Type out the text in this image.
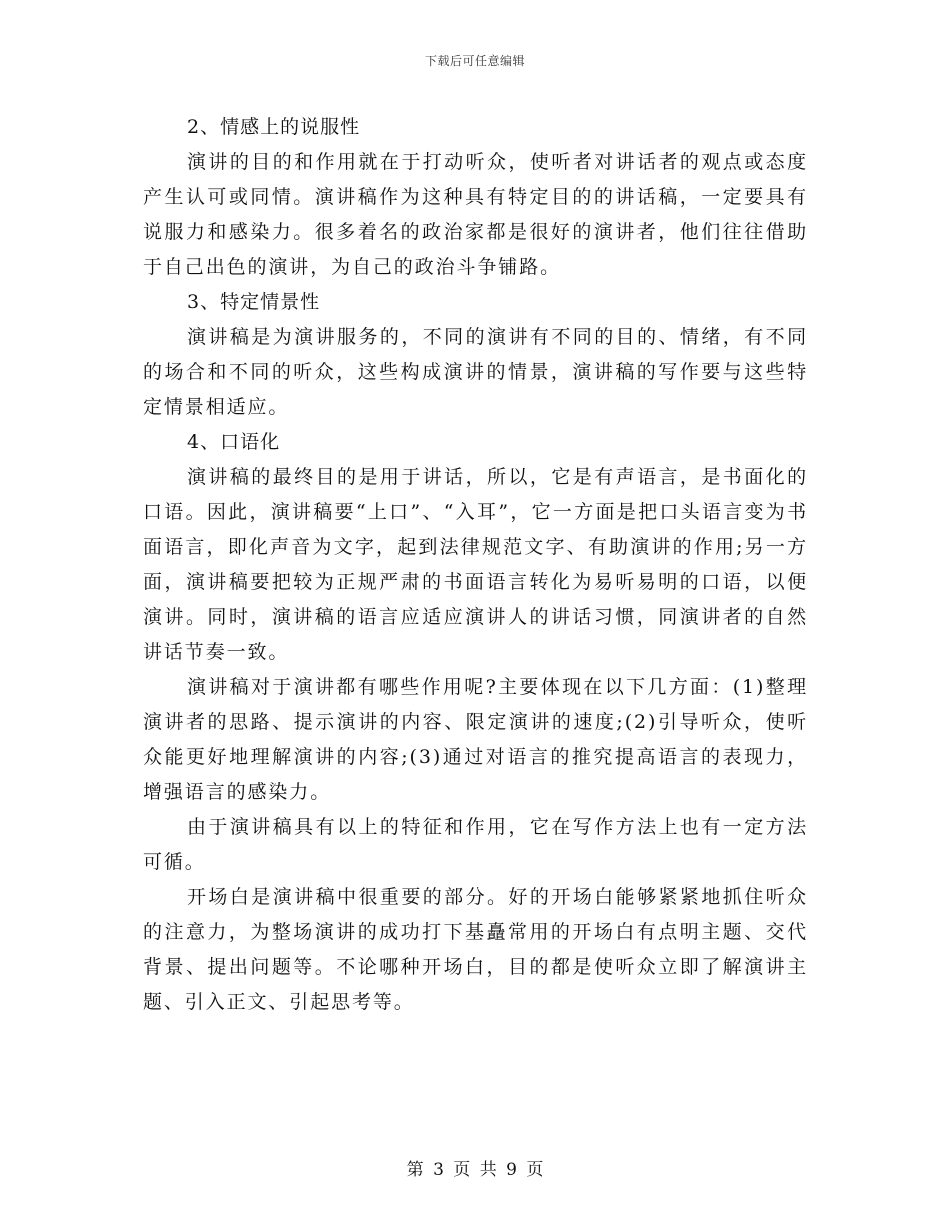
下载后可任意编辑
2、情感上的说服性

演讲的目的和作用就在于打动听众，使听者对讲话者的观点或态度产生认可或同情。演讲稿作为这种具有特定目的的讲话稿，一定要具有说服力和感染力。很多着名的政治家都是很好的演讲者，他们往往借助于自己出色的演讲，为自己的政治斗争铺路。

3、特定情景性

演讲稿是为演讲服务的，不同的演讲有不同的目的、情绪，有不同的场合和不同的听众，这些构成演讲的情景，演讲稿的写作要与这些特定情景相适应。

4、口语化

演讲稿的最终目的是用于讲话，所以，它是有声语言，是书面化的口语。因此，演讲稿要“上口”、“入耳”，它一方面是把口头语言变为书面语言，即化声音为文字，起到法律规范文字、有助演讲的作用;另一方面，演讲稿要把较为正规严肃的书面语言转化为易听易明的口语，以便演讲。同时，演讲稿的语言应适应演讲人的讲话习惯，同演讲者的自然讲话节奏一致。

演讲稿对于演讲都有哪些作用呢?主要体现在以下几方面：(1)整理演讲者的思路、提示演讲的内容、限定演讲的速度;(2)引导听众，使听众能更好地理解演讲的内容;(3)通过对语言的推究提高语言的表现力，增强语言的感染力。

由于演讲稿具有以上的特征和作用，它在写作方法上也有一定方法可循。

开场白是演讲稿中很重要的部分。好的开场白能够紧紧地抓住听众的注意力，为整场演讲的成功打下基矗常用的开场白有点明主题、交代背景、提出问题等。不论哪种开场白，目的都是使听众立即了解演讲主题、引入正文、引起思考等。

第 3 页 共 9 页
